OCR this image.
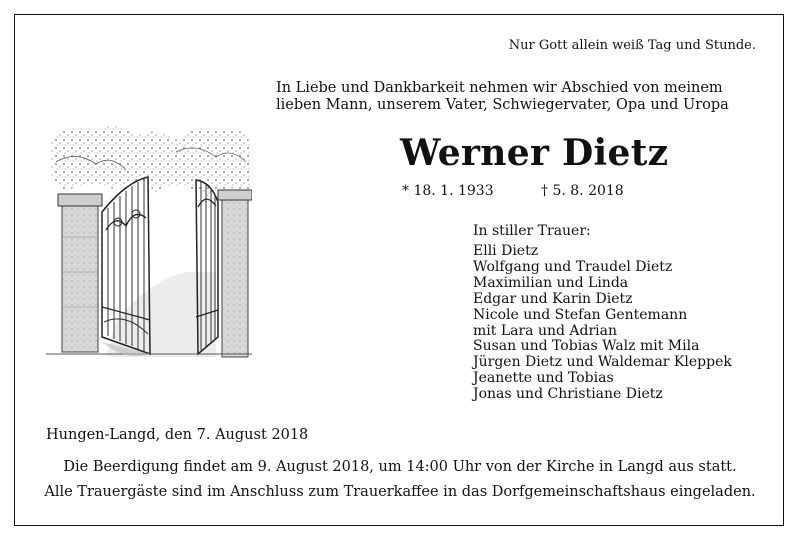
Nur Gott allein weiß Tag und Stunde.
In Liebe und Dankbarkeit nehmen wir Abschied von meinem
lieben Mann, unserem Vater, Schwiegervater, Opa und Uropa
Werner Dietz
* 18. 1. 1933	† 5. 8. 2018
In stiller Trauer:
Elli Dietz
Wolfgang und Traudel Dietz
Maximilian und Linda
Edgar und Karin Dietz
Nicole und Stefan Gentemann
mit Lara und Adrian
Susan und Tobias Walz mit Mila
Jürgen Dietz und Waldemar Kleppek
Jeanette und Tobias
Jonas und Christiane Dietz
Hungen-Langd, den 7. August 2018
Die Beerdigung findet am 9. August 2018, um 14:00 Uhr von der Kirche in Langd aus statt.
Alle Trauergäste sind im Anschluss zum Trauerkaffee in das Dorfgemeinschaftshaus eingeladen.
